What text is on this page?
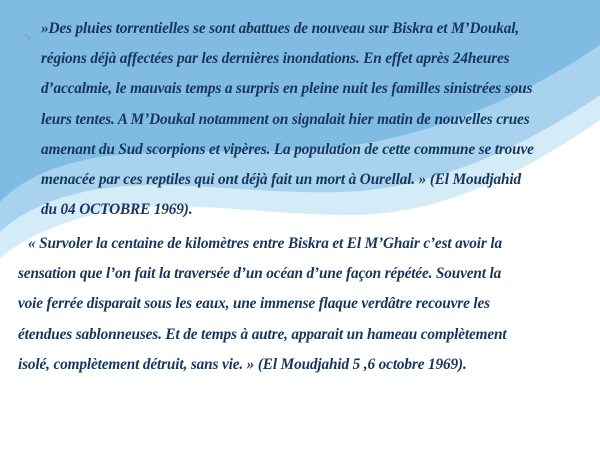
∿ »Des pluies torrentielles se sont abattues de nouveau sur Biskra et M’Doukal,
régions déjà affectées par les dernières inondations. En effet après 24heures
d’accalmie, le mauvais temps a surpris en pleine nuit les familles sinistrées sous
leurs tentes. A M’Doukal notamment on signalait hier matin de nouvelles crues
amenant du Sud scorpions et vipères. La population de cette commune se trouve
menacée par ces reptiles qui ont déjà fait un mort à Ourellal. » (El Moudjahid
du 04 OCTOBRE 1969).
« Survoler la centaine de kilomètres entre Biskra et El M’Ghair c’est avoir la
sensation que l’on fait la traversée d’un océan d’une façon répétée. Souvent la
voie ferrée disparait sous les eaux, une immense flaque verdâtre recouvre les
étendues sablonneuses. Et de temps à autre, apparait un hameau complètement
isolé, complètement détruit, sans vie. » (El Moudjahid 5 ,6 octobre 1969).
